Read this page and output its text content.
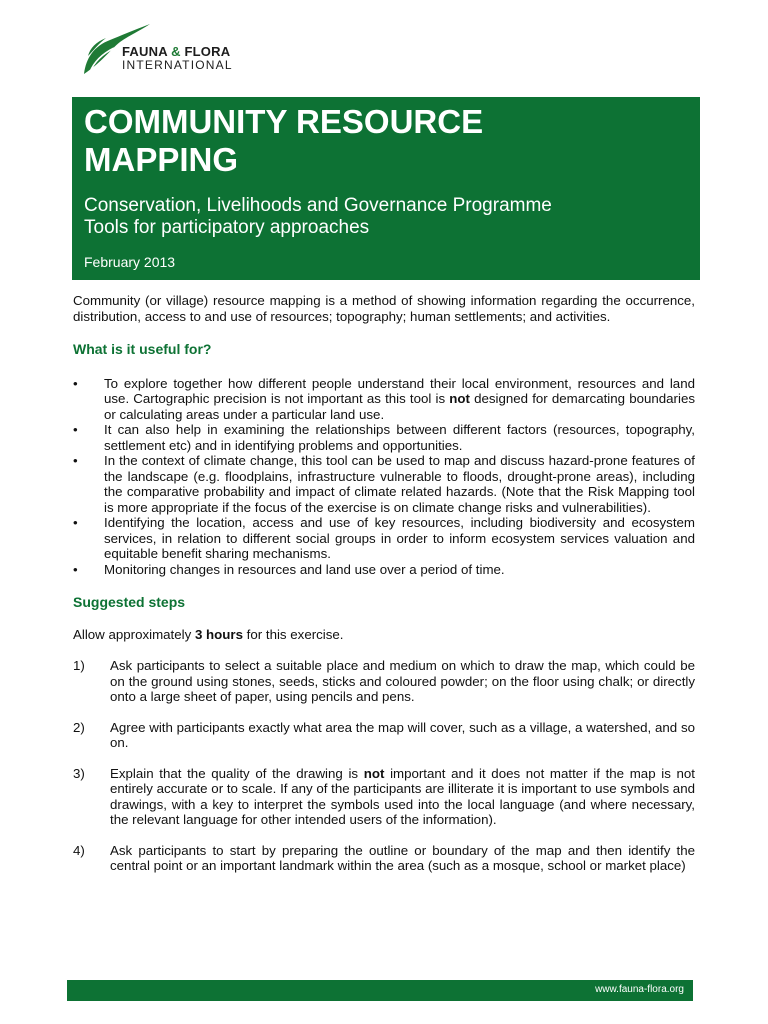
FAUNA & FLORA
INTERNATIONAL
COMMUNITY RESOURCE
MAPPING
Conservation, Livelihoods and Governance Programme
Tools for participatory approaches
February 2013

Community (or village) resource mapping is a method of showing information regarding the occurrence, distribution, access to and use of resources; topography; human settlements; and activities.

What is it useful for?
• To explore together how different people understand their local environment, resources and land use. Cartographic precision is not important as this tool is not designed for demarcating boundaries or calculating areas under a particular land use.
• It can also help in examining the relationships between different factors (resources, topography, settlement etc) and in identifying problems and opportunities.
• In the context of climate change, this tool can be used to map and discuss hazard-prone features of the landscape (e.g. floodplains, infrastructure vulnerable to floods, drought-prone areas), including the comparative probability and impact of climate related hazards. (Note that the Risk Mapping tool is more appropriate if the focus of the exercise is on climate change risks and vulnerabilities).
• Identifying the location, access and use of key resources, including biodiversity and ecosystem services, in relation to different social groups in order to inform ecosystem services valuation and equitable benefit sharing mechanisms.
• Monitoring changes in resources and land use over a period of time.
Suggested steps

Allow approximately 3 hours for this exercise.

1) Ask participants to select a suitable place and medium on which to draw the map, which could be on the ground using stones, seeds, sticks and coloured powder; on the floor using chalk; or directly onto a large sheet of paper, using pencils and pens.
2) Agree with participants exactly what area the map will cover, such as a village, a watershed, and so on.
3) Explain that the quality of the drawing is not important and it does not matter if the map is not entirely accurate or to scale. If any of the participants are illiterate it is important to use symbols and drawings, with a key to interpret the symbols used into the local language (and where necessary, the relevant language for other intended users of the information).
4) Ask participants to start by preparing the outline or boundary of the map and then identify the central point or an important landmark within the area (such as a mosque, school or market place)
www.fauna-flora.org
